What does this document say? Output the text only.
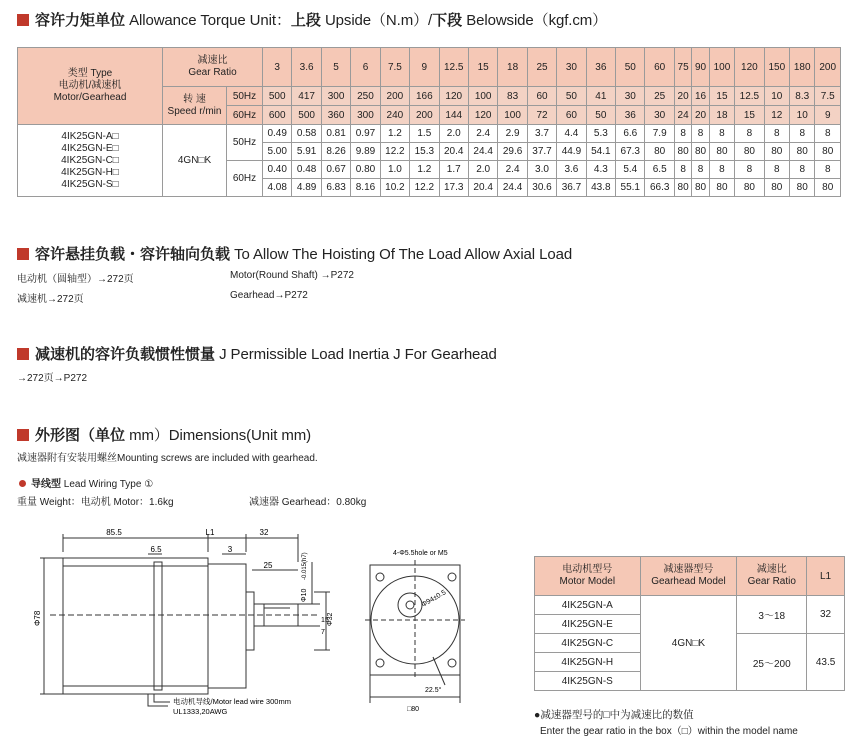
容许力矩单位 Allowance Torque Unit：上段 Upside（N.m）/下段 Belowside（kgf.cm）
类型 Type
电动机/减速机
Motor/Gearhead	减速比
Gear Ratio		3	3.6	5	6	7.5	9	12.5	15	18	25	30	36	50	60	75	90	100	120	150	180	200
	转 速
Speed r/min	50Hz	500	417	300	250	200	166	120	100	83	60	50	41	30	25	20	16	15	12.5	10	8.3	7.5
		60Hz	600	500	360	300	240	200	144	120	100	72	60	50	36	30	24	20	18	15	12	10	9
4IK25GN-A□
4IK25GN-E□
4IK25GN-C□
4IK25GN-H□
4IK25GN-S□	4GN□K	50Hz	0.49	0.58	0.81	0.97	1.2	1.5	2.0	2.4	2.9	3.7	4.4	5.3	6.6	7.9	8	8	8	8	8	8	8
			5.00	5.91	8.26	9.89	12.2	15.3	20.4	24.4	29.6	37.7	44.9	54.1	67.3	80	80	80	80	80	80	80	80
		60Hz	0.40	0.48	0.67	0.80	1.0	1.2	1.7	2.0	2.4	3.0	3.6	4.3	5.4	6.5	8	8	8	8	8	8	8
			4.08	4.89	6.83	8.16	10.2	12.2	17.3	20.4	24.4	30.6	36.7	43.8	55.1	66.3	80	80	80	80	80	80	80
容许悬挂负载・容许轴向负载 To Allow The Hoisting Of The Load Allow Axial Load
电动机（圆轴型）→272页	Motor(Round Shaft) →P272
减速机→272页	Gearhead→P272
减速机的容许负载惯性惯量 J Permissible Load Inertia J For Gearhead
→272页→P272
外形图（单位 mm）Dimensions(Unit mm)
减速器附有安装用螺丝Mounting screws are included with gearhead.
导线型 Lead Wiring Type ①
重量 Weight：电动机 Motor：1.6kg	减速器 Gearhead：0.80kg
85.5	L1	32
6.5	3
25
Φ78
Φ10
-0.015(h7)
Φ32
15
7
电动机导线/Motor lead wire 300mm
UL1333,20AWG
4-Φ5.5hole or M5
Φ94±0.5
22.5°
□80
电动机型号
Motor Model	减速器型号
Gearhead Model	减速比
Gear Ratio	L1
4IK25GN-A	4GN□K	3～18	32
4IK25GN-E			
4IK25GN-C		25～200	43.5
4IK25GN-H			
4IK25GN-S			
●减速器型号的□中为减速比的数值
Enter the gear ratio in the box（□）within the model name
